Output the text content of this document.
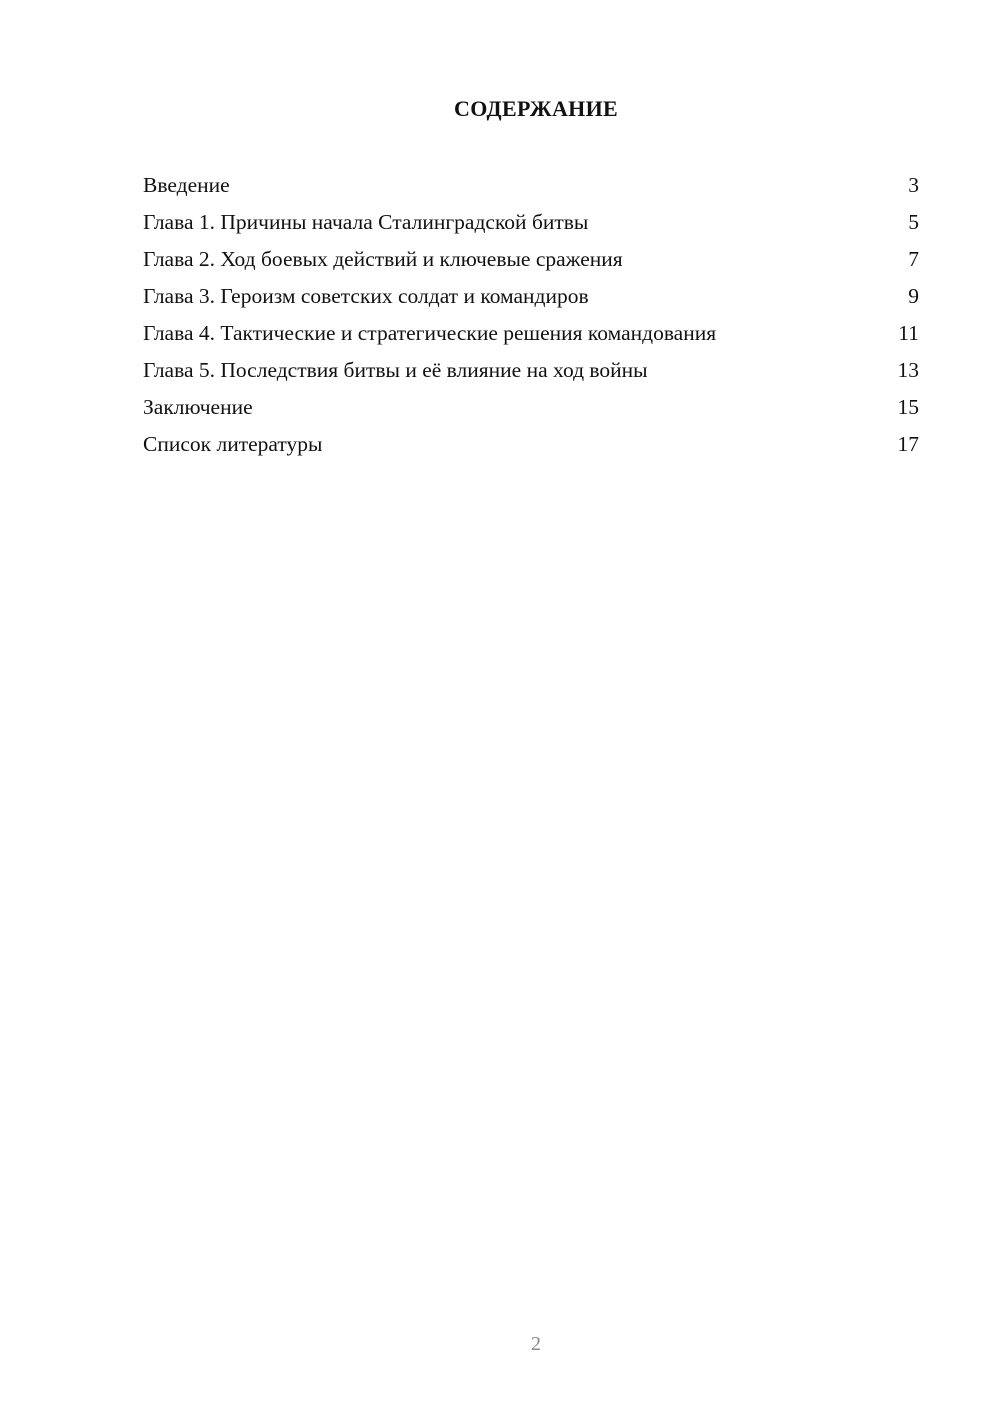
СОДЕРЖАНИЕ
Введение	3
Глава 1. Причины начала Сталинградской битвы	5
Глава 2. Ход боевых действий и ключевые сражения	7
Глава 3. Героизм советских солдат и командиров	9
Глава 4. Тактические и стратегические решения командования	11
Глава 5. Последствия битвы и её влияние на ход войны	13
Заключение	15
Список литературы	17
2
